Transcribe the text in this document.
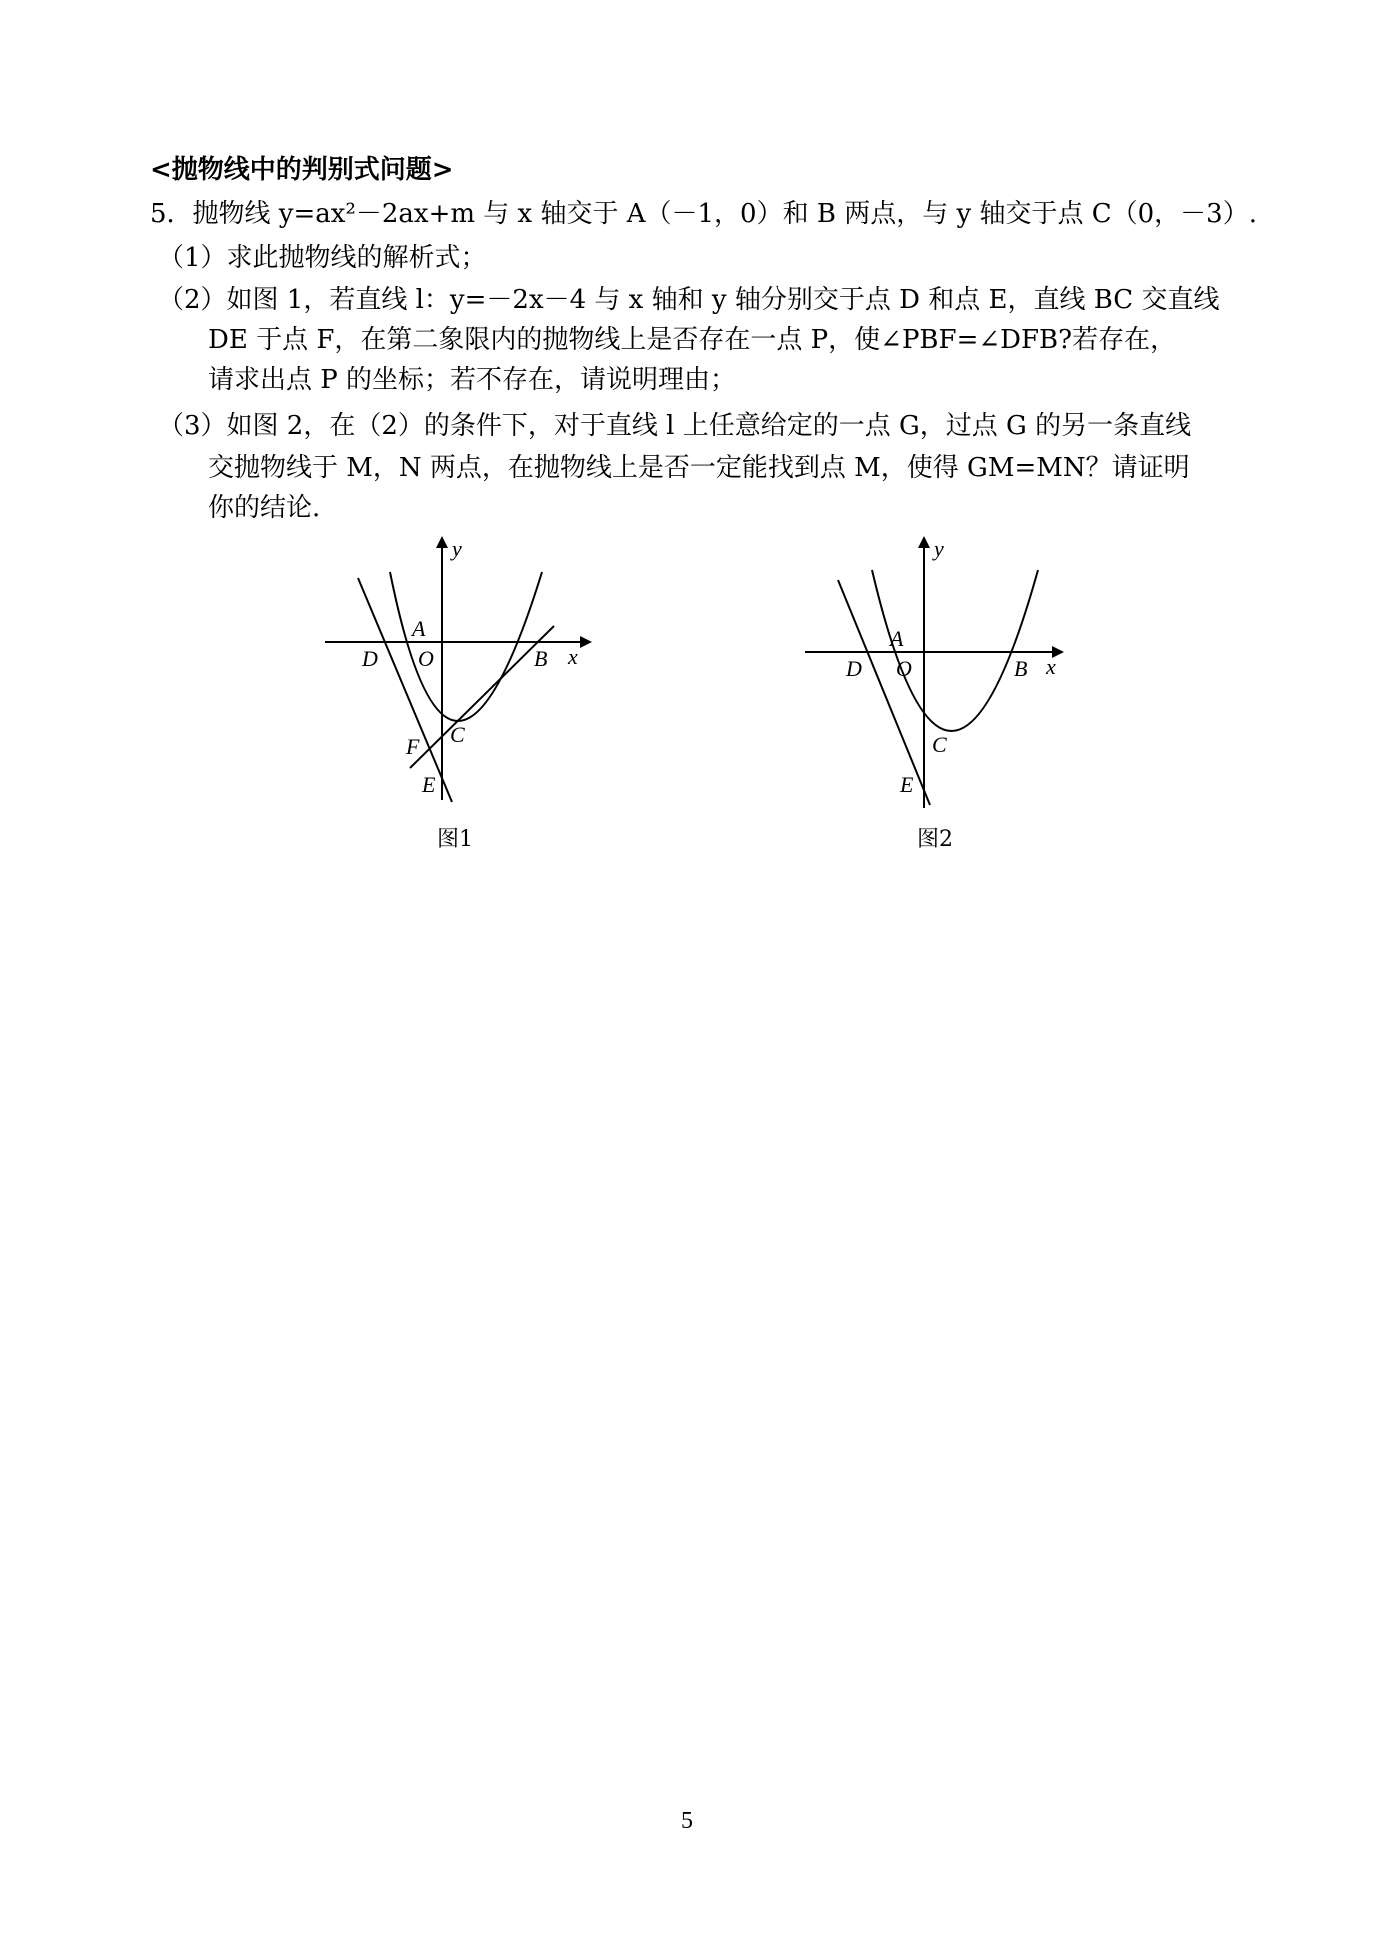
<抛物线中的判别式问题>
5．抛物线 y=ax²－2ax+m 与 x 轴交于 A（－1，0）和 B 两点，与 y 轴交于点 C（0，－3）.
（1）求此抛物线的解析式；
（2）如图 1，若直线 l：y=－2x－4 与 x 轴和 y 轴分别交于点 D 和点 E，直线 BC 交直线
DE 于点 F，在第二象限内的抛物线上是否存在一点 P，使∠PBF=∠DFB?若存在，
请求出点 P 的坐标；若不存在，请说明理由；
（3）如图 2，在（2）的条件下，对于直线 l 上任意给定的一点 G，过点 G 的另一条直线
交抛物线于 M，N 两点，在抛物线上是否一定能找到点 M，使得 GM=MN？请证明
你的结论.
y
x
A
D O	B
C
F
E
图1
y
x
A
D O	B
C
E
图2
5
